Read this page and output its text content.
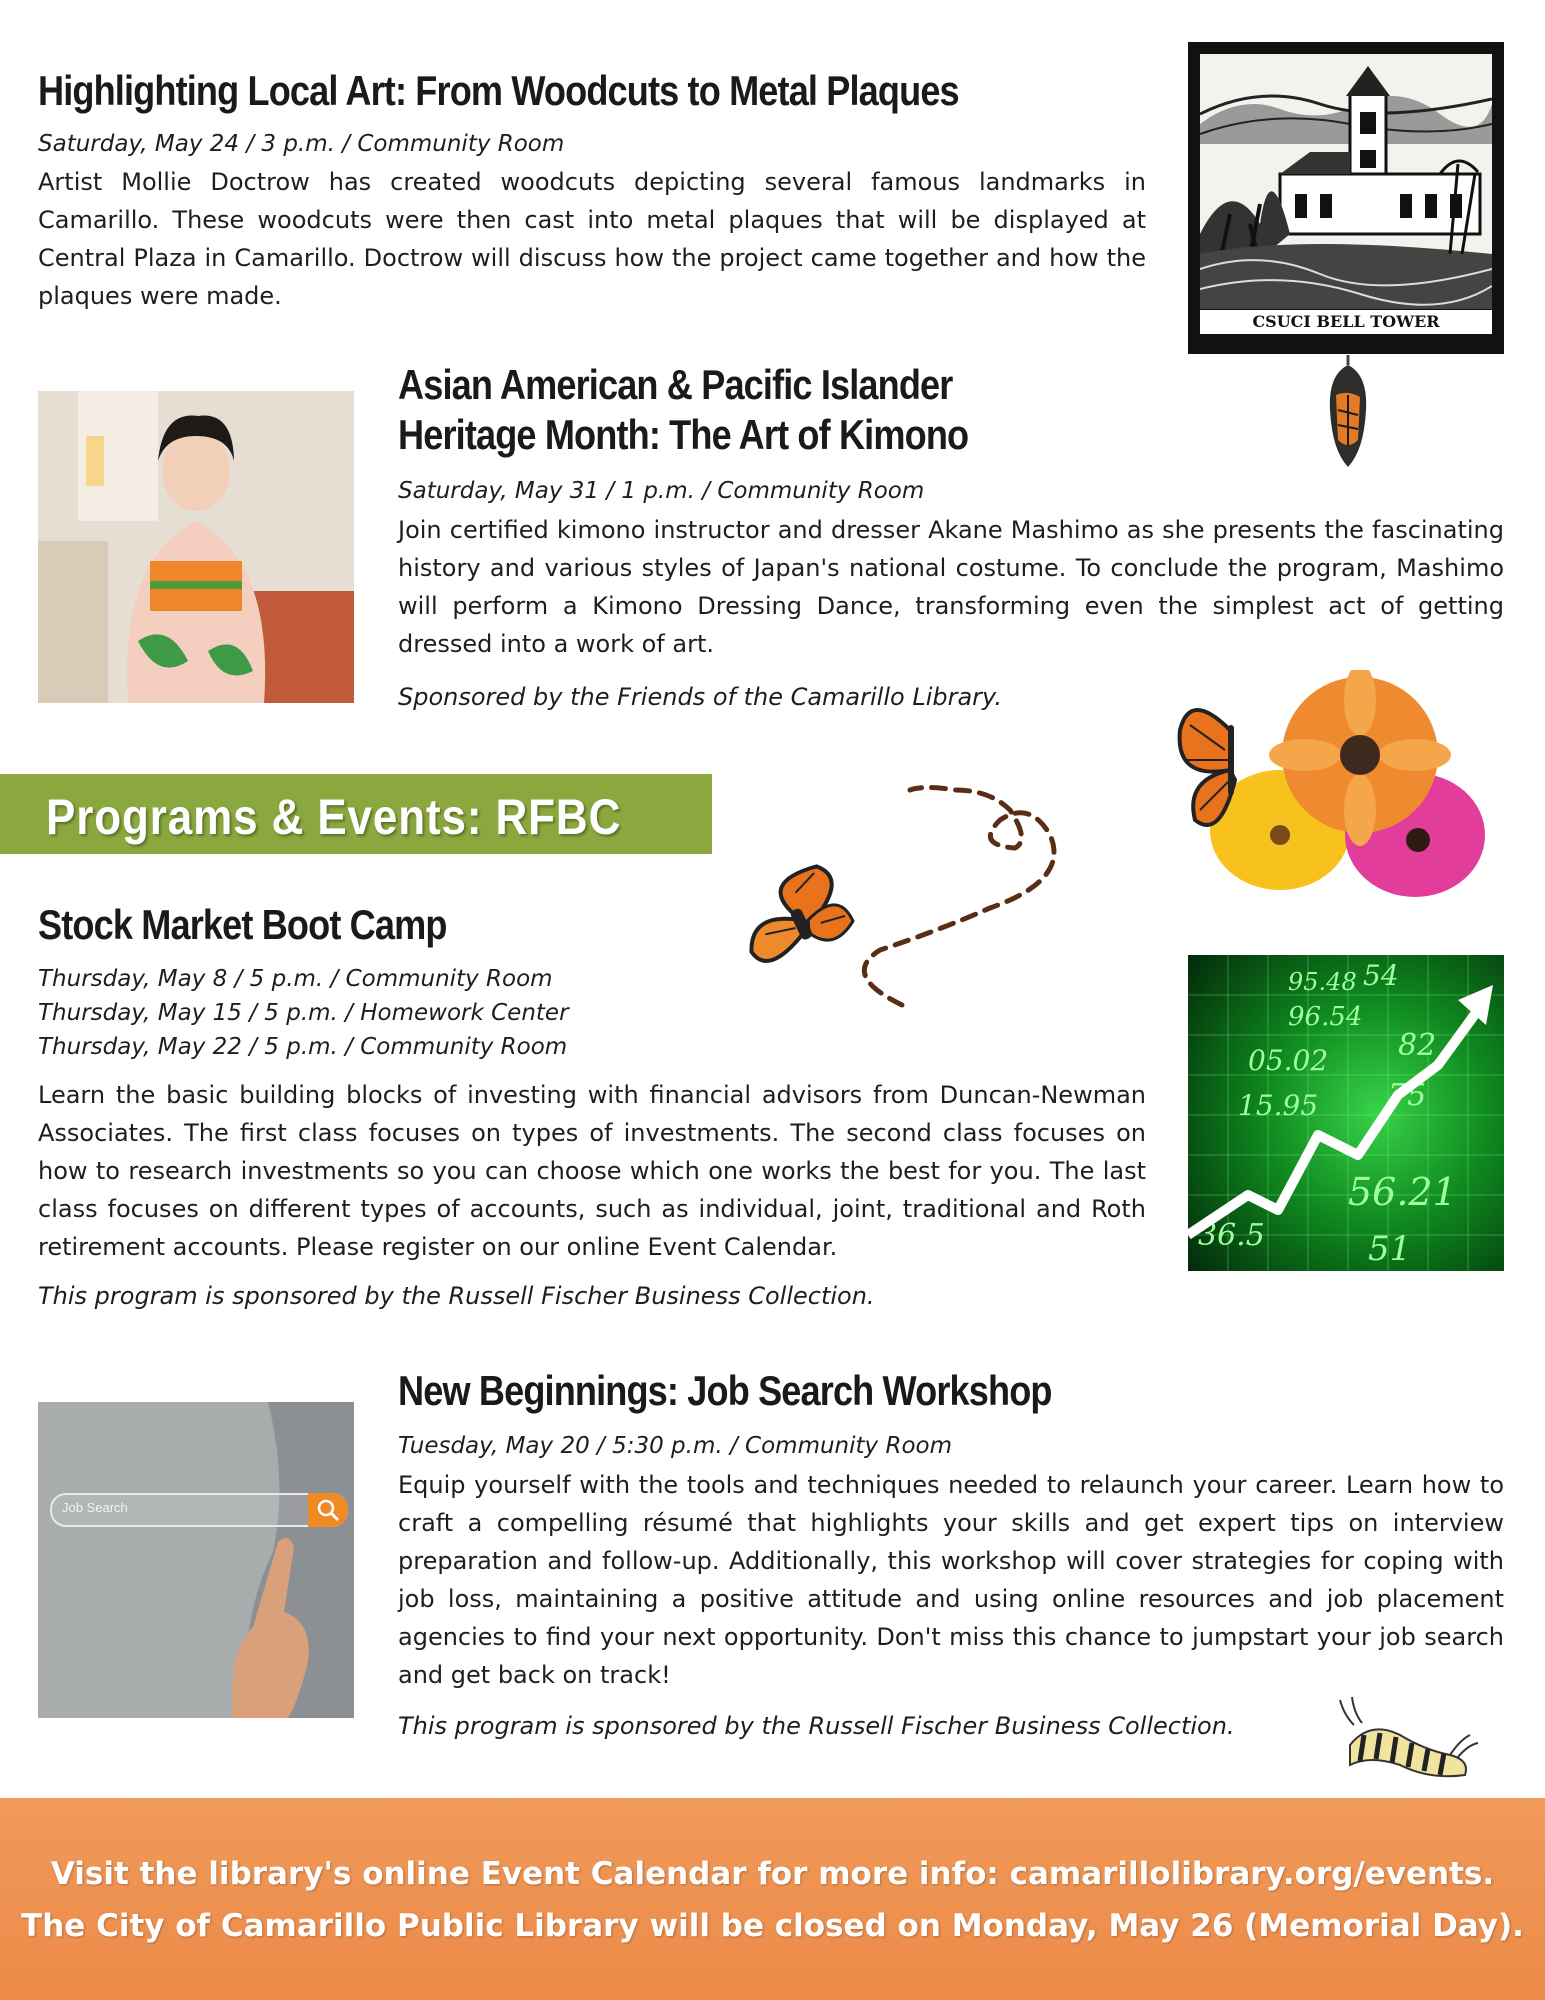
Highlighting Local Art: From Woodcuts to Metal Plaques
Saturday, May 24 / 3 p.m. / Community Room

Artist Mollie Doctrow has created woodcuts depicting several famous landmarks in Camarillo. These woodcuts were then cast into metal plaques that will be displayed at Central Plaza in Camarillo. Doctrow will discuss how the project came together and how the plaques were made.

CSUCI BELL TOWER
Asian American & Pacific Islander
Heritage Month: The Art of Kimono
Saturday, May 31 / 1 p.m. / Community Room

Join certified kimono instructor and dresser Akane Mashimo as she presents the fascinating history and various styles of Japan's national costume. To conclude the program, Mashimo will perform a Kimono Dressing Dance, transforming even the simplest act of getting dressed into a work of art.

Sponsored by the Friends of the Camarillo Library.
Programs & Events: RFBC
Stock Market Boot Camp
Thursday, May 8 / 5 p.m. / Community Room
Thursday, May 15 / 5 p.m. / Homework Center
Thursday, May 22 / 5 p.m. / Community Room

Learn the basic building blocks of investing with financial advisors from Duncan-Newman Associates. The first class focuses on types of investments. The second class focuses on how to research investments so you can choose which one works the best for you. The last class focuses on different types of accounts, such as individual, joint, traditional and Roth retirement accounts. Please register on our online Event Calendar.

This program is sponsored by the Russell Fischer Business Collection.
54
95.48
96.54
05.02
15.95
82
75
56.21
36.5	51
Job Search
New Beginnings: Job Search Workshop
Tuesday, May 20 / 5:30 p.m. / Community Room

Equip yourself with the tools and techniques needed to relaunch your career. Learn how to craft a compelling résumé that highlights your skills and get expert tips on interview preparation and follow-up. Additionally, this workshop will cover strategies for coping with job loss, maintaining a positive attitude and using online resources and job placement agencies to find your next opportunity. Don't miss this chance to jumpstart your job search and get back on track!

This program is sponsored by the Russell Fischer Business Collection.

Visit the library's online Event Calendar for more info: camarillolibrary.org/events.

The City of Camarillo Public Library will be closed on Monday, May 26 (Memorial Day).
